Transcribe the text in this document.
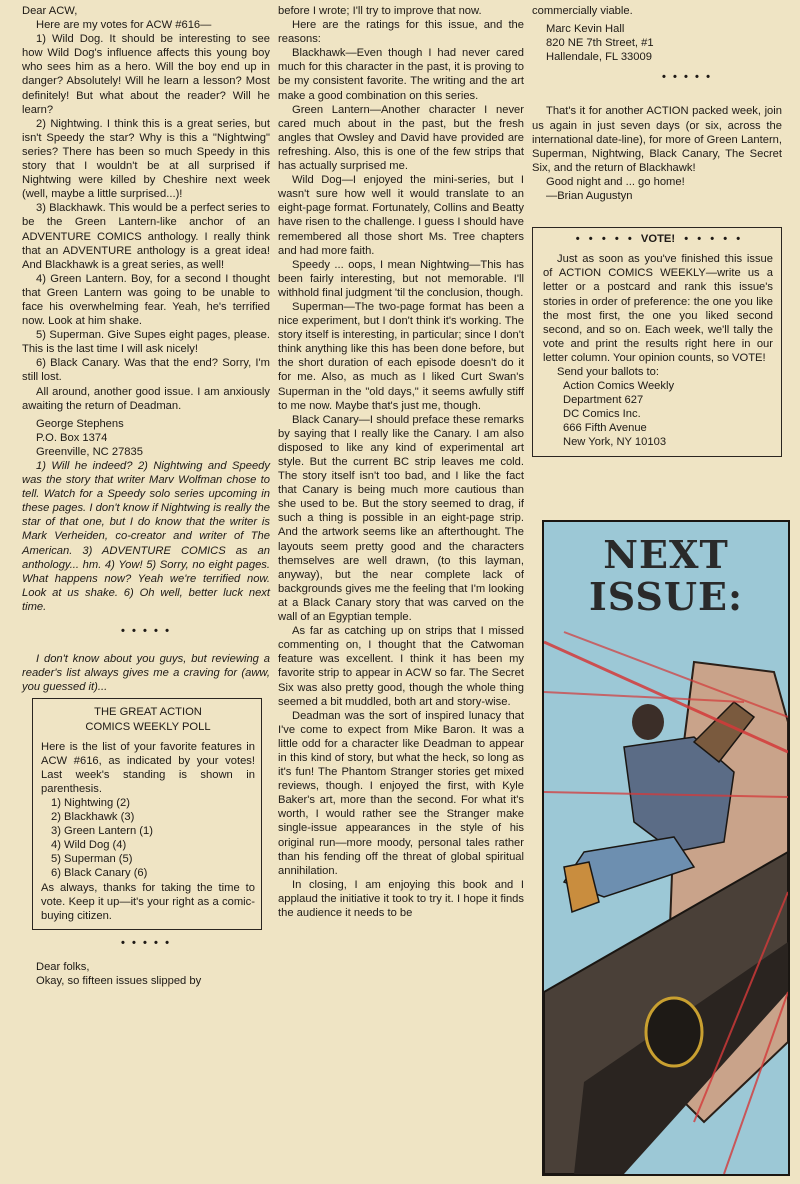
Dear ACW,

Here are my votes for ACW #616—

1) Wild Dog. It should be interesting to see how Wild Dog's influence affects this young boy who sees him as a hero. Will the boy end up in danger? Absolutely! Will he learn a lesson? Most definitely! But what about the reader? Will he learn?

2) Nightwing. I think this is a great series, but isn't Speedy the star? Why is this a "Nightwing" series? There has been so much Speedy in this story that I wouldn't be at all surprised if Nightwing were killed by Cheshire next week (well, maybe a little surprised...)!

3) Blackhawk. This would be a perfect series to be the Green Lantern-like anchor of an ADVENTURE COMICS anthology. I really think that an ADVENTURE anthology is a great idea! And Blackhawk is a great series, as well!

4) Green Lantern. Boy, for a second I thought that Green Lantern was going to be unable to face his overwhelming fear. Yeah, he's terrified now. Look at him shake.

5) Superman. Give Supes eight pages, please. This is the last time I will ask nicely!

6) Black Canary. Was that the end? Sorry, I'm still lost.

All around, another good issue. I am anxiously awaiting the return of Deadman.

George Stephens

P.O. Box 1374

Greenville, NC 27835

1) Will he indeed? 2) Nightwing and Speedy was the story that writer Marv Wolfman chose to tell. Watch for a Speedy solo series upcoming in these pages. I don't know if Nightwing is really the star of that one, but I do know that the writer is Mark Verheiden, co-creator and writer of The American. 3) ADVENTURE COMICS as an anthology... hm. 4) Yow! 5) Sorry, no eight pages. What happens now? Yeah we're terrified now. Look at us shake. 6) Oh well, better luck next time.

• • • • •

I don't know about you guys, but reviewing a reader's list always gives me a craving for (aww, you guessed it)...

THE GREAT ACTION
COMICS WEEKLY POLL

Here is the list of your favorite features in ACW #616, as indicated by your votes! Last week's standing is shown in parenthesis.

1) Nightwing (2)
2) Blackhawk (3)
3) Green Lantern (1)
4) Wild Dog (4)
5) Superman (5)
6) Black Canary (6)

As always, thanks for taking the time to vote. Keep it up—it's your right as a comic-buying citizen.

• • • • •

Dear folks,

Okay, so fifteen issues slipped by

before I wrote; I'll try to improve that now.

Here are the ratings for this issue, and the reasons:

Blackhawk—Even though I had never cared much for this character in the past, it is proving to be my consistent favorite. The writing and the art make a good combination on this series.

Green Lantern—Another character I never cared much about in the past, but the fresh angles that Owsley and David have provided are refreshing. Also, this is one of the few strips that has actually surprised me.

Wild Dog—I enjoyed the mini-series, but I wasn't sure how well it would translate to an eight-page format. Fortunately, Collins and Beatty have risen to the challenge. I guess I should have remembered all those short Ms. Tree chapters and had more faith.

Speedy ... oops, I mean Nightwing—This has been fairly interesting, but not memorable. I'll withhold final judgment 'til the conclusion, though.

Superman—The two-page format has been a nice experiment, but I don't think it's working. The story itself is interesting, in particular; since I don't think anything like this has been done before, but the short duration of each episode doesn't do it for me. Also, as much as I liked Curt Swan's Superman in the "old days," it seems awfully stiff to me now. Maybe that's just me, though.

Black Canary—I should preface these remarks by saying that I really like the Canary. I am also disposed to like any kind of experimental art style. But the current BC strip leaves me cold. The story itself isn't too bad, and I like the fact that Canary is being much more cautious than she used to be. But the story seemed to drag, if such a thing is possible in an eight-page strip. And the artwork seems like an afterthought. The layouts seem pretty good and the characters themselves are well drawn, (to this layman, anyway), but the near complete lack of backgrounds gives me the feeling that I'm looking at a Black Canary story that was carved on the wall of an Egyptian temple.

As far as catching up on strips that I missed commenting on, I thought that the Catwoman feature was excellent. I think it has been my favorite strip to appear in ACW so far. The Secret Six was also pretty good, though the whole thing seemed a bit muddled, both art and story-wise.

Deadman was the sort of inspired lunacy that I've come to expect from Mike Baron. It was a little odd for a character like Deadman to appear in this kind of story, but what the heck, so long as it's fun! The Phantom Stranger stories get mixed reviews, though. I enjoyed the first, with Kyle Baker's art, more than the second. For what it's worth, I would rather see the Stranger make single-issue appearances in the style of his original run—more moody, personal tales rather than his fending off the threat of global spiritual annihilation.

In closing, I am enjoying this book and I applaud the initiative it took to try it. I hope it finds the audience it needs to be

commercially viable.

Marc Kevin Hall

820 NE 7th Street, #1

Hallendale, FL 33009

• • • • •

That's it for another ACTION packed week, join us again in just seven days (or six, across the international date-line), for more of Green Lantern, Superman, Nightwing, Black Canary, The Secret Six, and the return of Blackhawk!

Good night and ... go home!

—Brian Augustyn

• • • • • VOTE! • • • • •

Just as soon as you've finished this issue of ACTION COMICS WEEKLY—write us a letter or a postcard and rank this issue's stories in order of preference: the one you like the most first, the one you liked second second, and so on. Each week, we'll tally the vote and print the results right here in our letter column. Your opinion counts, so VOTE!

Send your ballots to:

Action Comics Weekly
Department 627
DC Comics Inc.
666 Fifth Avenue
New York, NY 10103
NEXT
ISSUE:
